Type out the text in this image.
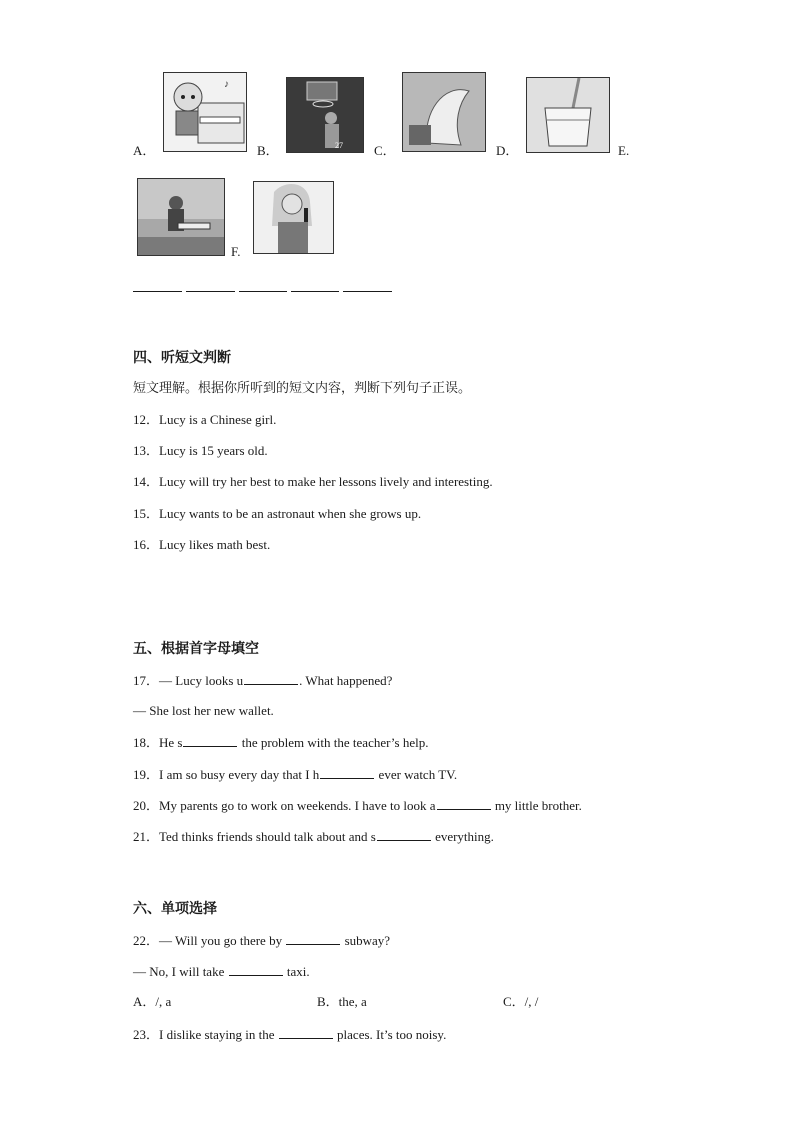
♪
27
A．	B．	C．	D．	E.
F.
四、听短文判断
短文理解。根据你所听到的短文内容，判断下列句子正误。
12．Lucy is a Chinese girl.
13．Lucy is 15 years old.
14．Lucy will try her best to make her lessons lively and interesting.
15．Lucy wants to be an astronaut when she grows up.
16．Lucy likes math best.
五、根据首字母填空
17．— Lucy looks u	. What happened?
— She lost her new wallet.
18．He s	the problem with the teacher’s help.
19．I am so busy every day that I h	ever watch TV.
20．My parents go to work on weekends. I have to look a	my little brother.
21．Ted thinks friends should talk about and s	everything.
六、单项选择
22．— Will you go there by	subway?
— No, I will take	taxi.
A．/, a	B．the, a	C．/, /
23．I dislike staying in the	places. It’s too noisy.
